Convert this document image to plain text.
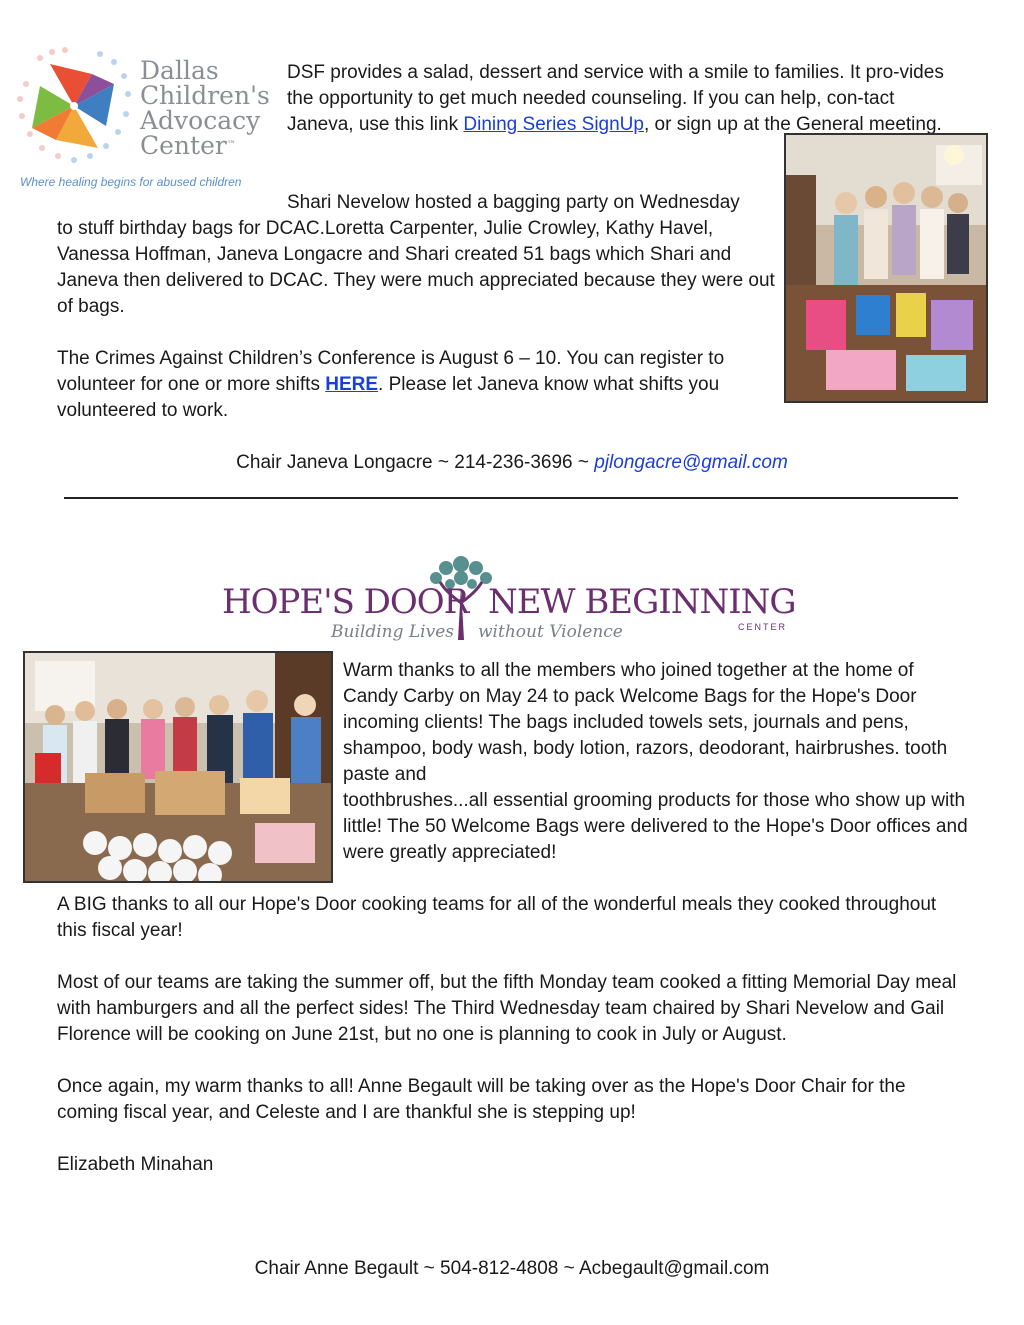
Dallas
Children's
Advocacy
Center™
Where healing begins for abused children
DSF provides a salad, dessert and service with a smile to families. It pro-vides the opportunity to get much needed counseling. If you can help, con-tact Janeva, use this link Dining Series SignUp, or sign up at the General meeting.
Shari Nevelow hosted a bagging party on Wednesday
to stuff birthday bags for DCAC.Loretta Carpenter, Julie Crowley, Kathy Havel, Vanessa Hoffman, Janeva Longacre and Shari created 51 bags which Shari and Janeva then delivered to DCAC. They were much appreciated because they were out of bags.
The Crimes Against Children’s Conference is August 6 – 10. You can register to volunteer for one or more shifts HERE. Please let Janeva know what shifts you volunteered to work.
Chair Janeva Longacre ~ 214-236-3696 ~ pjlongacre@gmail.com
HOPE'S DOOR NEW BEGINNING
Building Lives without Violence	CENTER
Warm thanks to all the members who joined together at the home of Candy Carby on May 24 to pack Welcome Bags for the Hope's Door incoming clients! The bags included towels sets, journals and pens, shampoo, body wash, body lotion, razors, deodorant, hairbrushes. tooth paste and
toothbrushes...all essential grooming products for those who show up with little! The 50 Welcome Bags were delivered to the Hope's Door offices and were greatly appreciated!
A BIG thanks to all our Hope's Door cooking teams for all of the wonderful meals they cooked throughout this fiscal year!
Most of our teams are taking the summer off, but the fifth Monday team cooked a fitting Memorial Day meal with hamburgers and all the perfect sides! The Third Wednesday team chaired by Shari Nevelow and Gail Florence will be cooking on June 21st, but no one is planning to cook in July or August.
Once again, my warm thanks to all! Anne Begault will be taking over as the Hope's Door Chair for the coming fiscal year, and Celeste and I are thankful she is stepping up!
Elizabeth Minahan
Chair Anne Begault ~ 504-812-4808 ~ Acbegault@gmail.com
